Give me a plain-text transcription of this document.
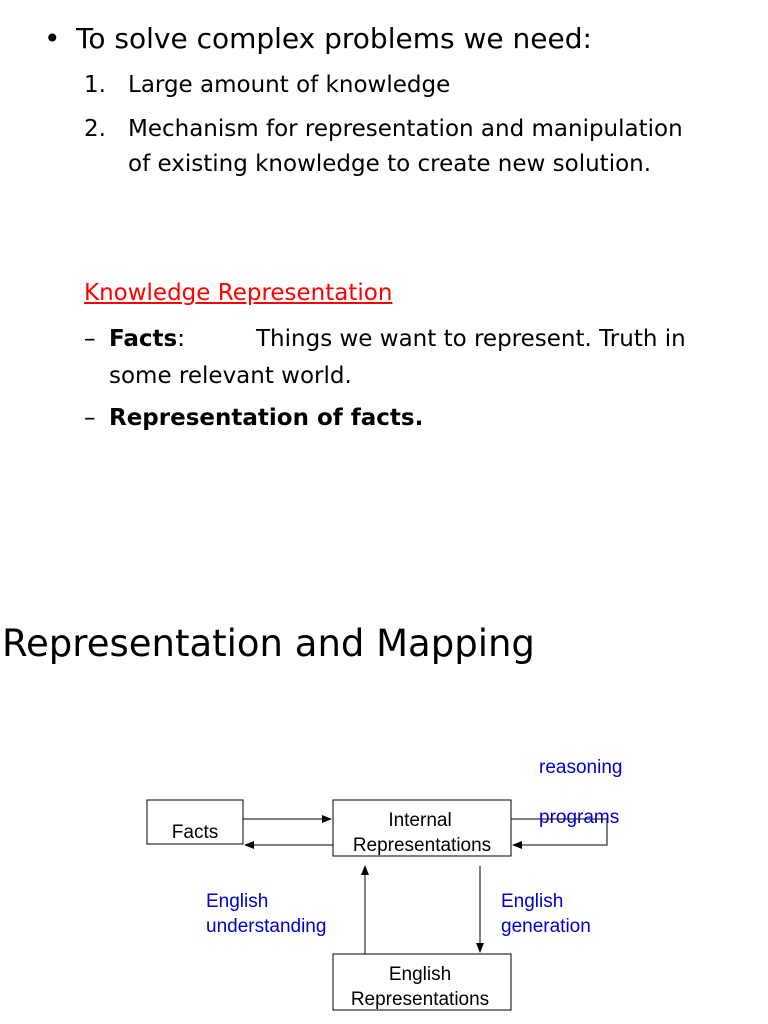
• To solve complex problems we need:
1. Large amount of knowledge
2. Mechanism for representation and manipulation
of existing knowledge to create new solution.
Knowledge Representation
– Facts:	Things we want to represent. Truth in
some relevant world.
– Representation of facts.
Representation and Mapping
Facts
Internal
Representations
English
Representations
reasoning
programs
English
understanding
English
generation
